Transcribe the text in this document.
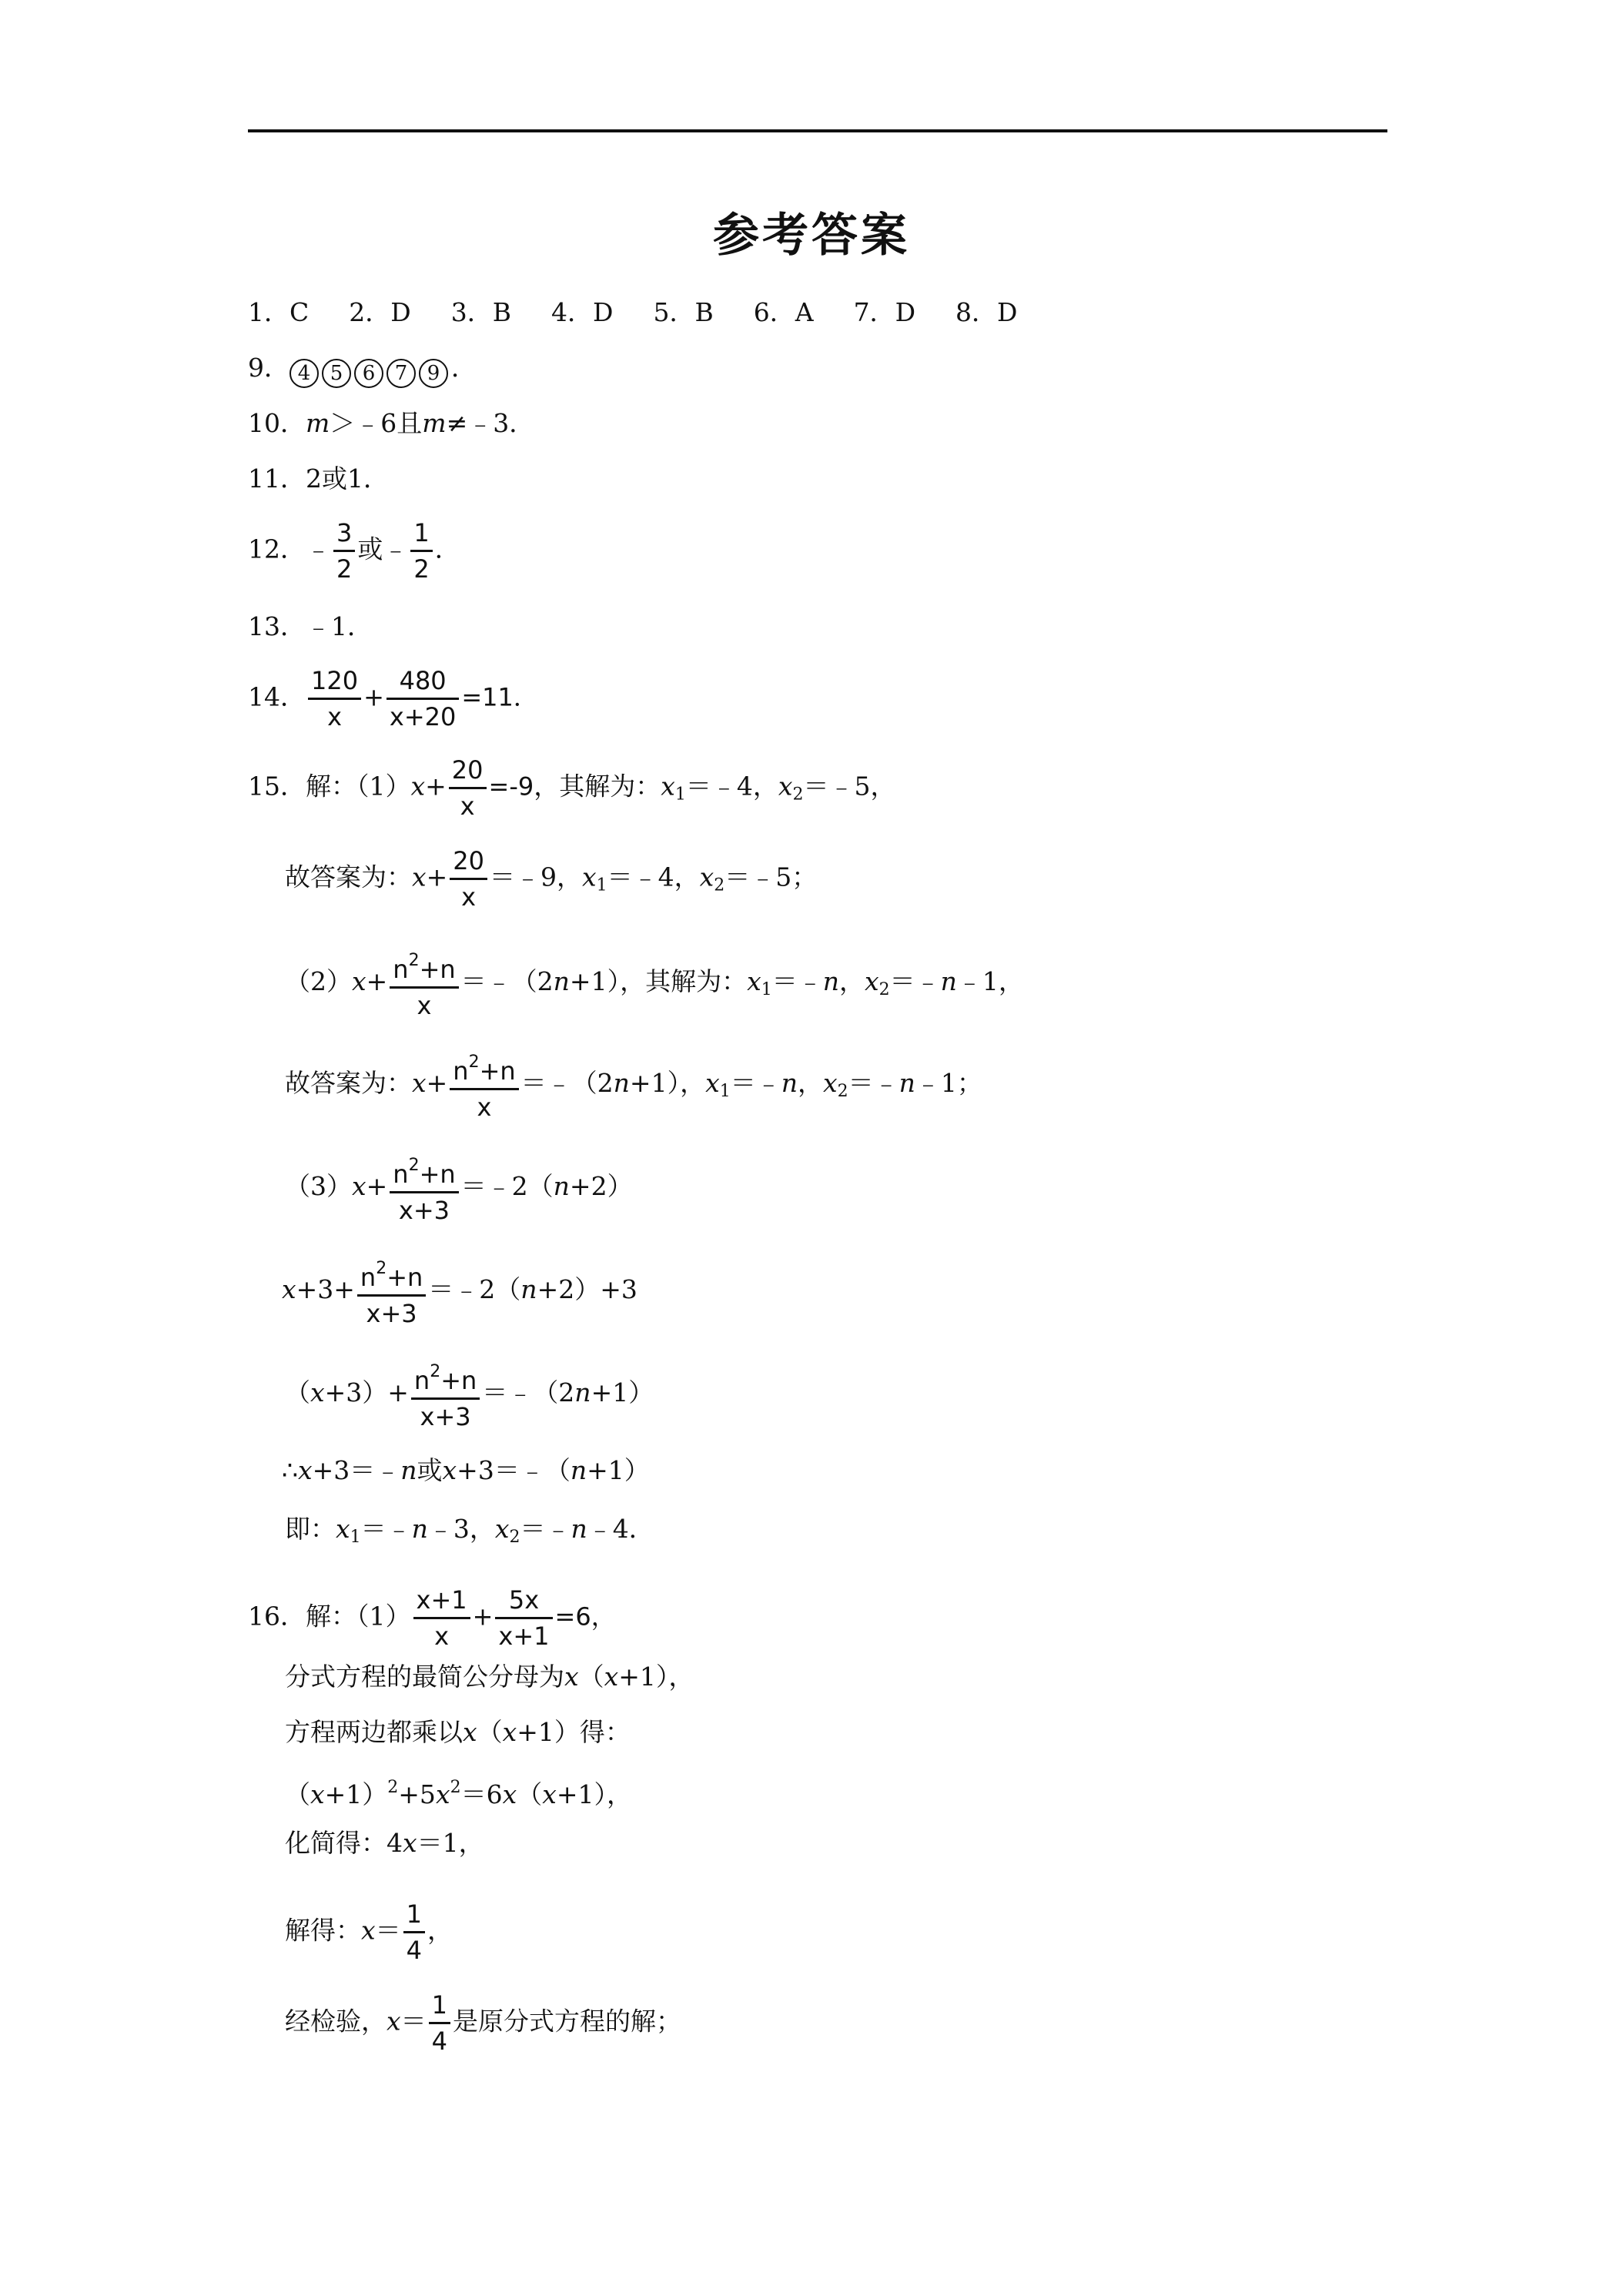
参考答案
1．C 2．D 3．B 4．D 5．B 6．A 7．D 8．D
9． 4 5 6 7 9 ．
10．m＞﹣6且m≠﹣3．
11．2或1．
12．﹣ $\frac{3}{2}$ 或﹣ $\frac{1}{2}$ ．
13．﹣1．
14． $\frac{120}{x} + \frac{480}{x+20} =11$．
15．解：$(1)x+ \frac{20}{x} =-9$，其解为：$x_1=﹣4$，$x_2=﹣5$，
故答案为：$x+ \frac{20}{x}$ ＝﹣9，$x_1=﹣4$，$x_2=﹣5$；
$(2)x+ \frac{n^2+n}{x}$ ＝﹣（2n+1），其解为：$x_1=﹣n$，$x_2=﹣n﹣1$，
故答案为：$x+ \frac{n^2+n}{x}$ ＝﹣（2n+1），$x_1=﹣n$，$x_2=﹣n﹣1$；
$(3)x+ \frac{n^2+n}{x+3}$ ＝﹣2（n+2）
$x+3+ \frac{n^2+n}{x+3}$ ＝﹣2（n+2）+3
$(x+3)+ \frac{n^2+n}{x+3}$ ＝﹣（2n+1）
∴x+3＝﹣n或x+3＝﹣（n+1）
即：$x_1=﹣n﹣3$，$x_2=﹣n﹣4$．
16．解：$(1) \frac{x+1}{x} + \frac{5x}{x+1} =6$，
分式方程的最简公分母为x（x+1），
方程两边都乘以x（x+1）得：
$(x+1)^2+5x^2=6x(x+1)$，
化简得：4x＝1，
解得：$x= \frac{1}{4}$ ，
经检验，$x= \frac{1}{4}$ 是原分式方程的解；
